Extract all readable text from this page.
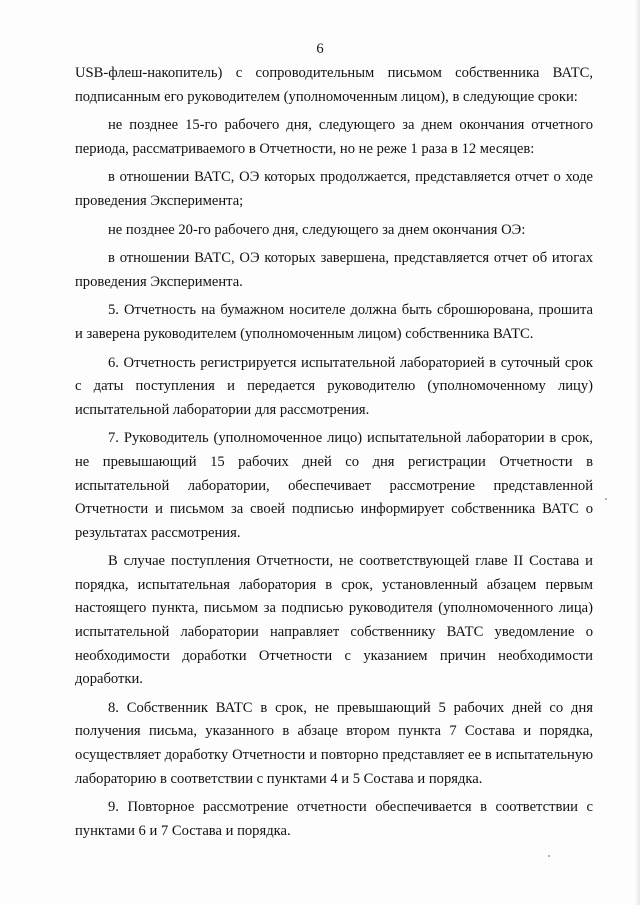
6

USB-флеш-накопитель) с сопроводительным письмом собственника ВАТС, подписанным его руководителем (уполномоченным лицом), в следующие сроки:

не позднее 15-го рабочего дня, следующего за днем окончания отчетного периода, рассматриваемого в Отчетности, но не реже 1 раза в 12 месяцев:

в отношении ВАТС, ОЭ которых продолжается, представляется отчет о ходе проведения Эксперимента;

не позднее 20-го рабочего дня, следующего за днем окончания ОЭ:

в отношении ВАТС, ОЭ которых завершена, представляется отчет об итогах проведения Эксперимента.

5. Отчетность на бумажном носителе должна быть сброшюрована, прошита и заверена руководителем (уполномоченным лицом) собственника ВАТС.

6. Отчетность регистрируется испытательной лабораторией в суточный срок с даты поступления и передается руководителю (уполномоченному лицу) испытательной лаборатории для рассмотрения.

7. Руководитель (уполномоченное лицо) испытательной лаборатории в срок, не превышающий 15 рабочих дней со дня регистрации Отчетности в испытательной лаборатории, обеспечивает рассмотрение представленной Отчетности и письмом за своей подписью информирует собственника ВАТС о результатах рассмотрения.

В случае поступления Отчетности, не соответствующей главе II Состава и порядка, испытательная лаборатория в срок, установленный абзацем первым настоящего пункта, письмом за подписью руководителя (уполномоченного лица) испытательной лаборатории направляет собственнику ВАТС уведомление о необходимости доработки Отчетности с указанием причин необходимости доработки.

8. Собственник ВАТС в срок, не превышающий 5 рабочих дней со дня получения письма, указанного в абзаце втором пункта 7 Состава и порядка, осуществляет доработку Отчетности и повторно представляет ее в испытательную лабораторию в соответствии с пунктами 4 и 5 Состава и порядка.

9. Повторное рассмотрение отчетности обеспечивается в соответствии с пунктами 6 и 7 Состава и порядка.
